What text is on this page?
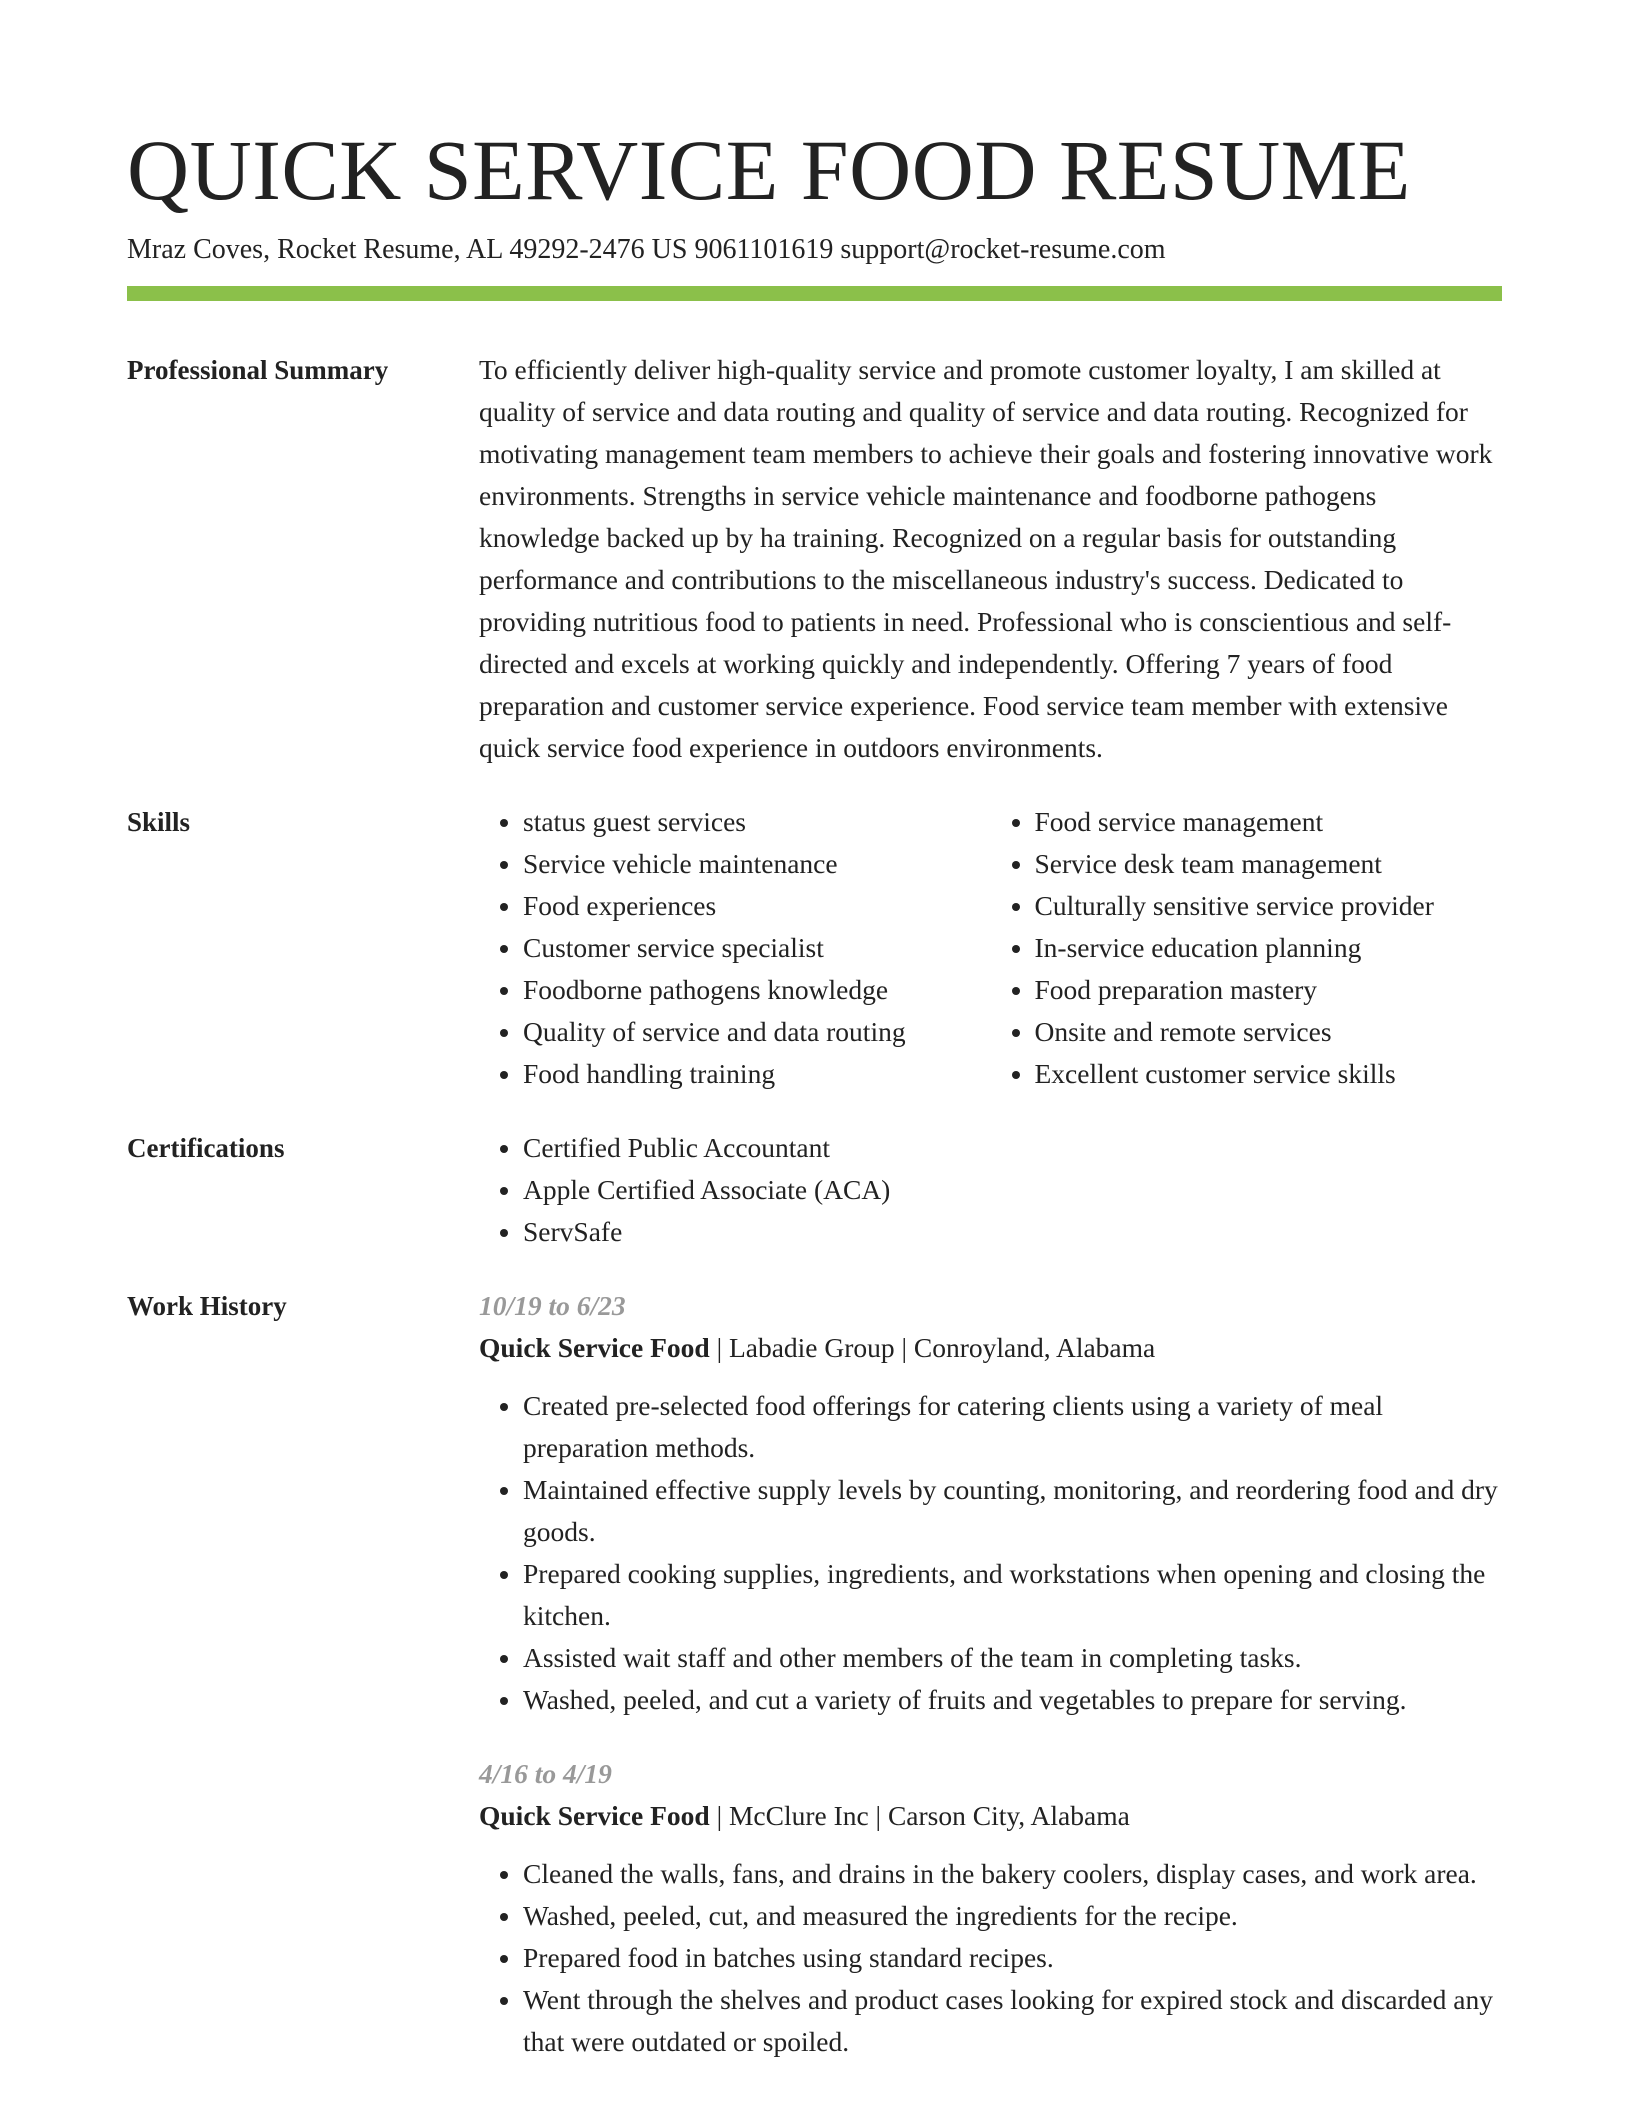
QUICK SERVICE FOOD RESUME
Mraz Coves, Rocket Resume, AL 49292-2476 US 9061101619 support@rocket-resume.com
Professional Summary	To efficiently deliver high-quality service and promote customer loyalty, I am skilled at quality of service and data routing and quality of service and data routing. Recognized for motivating management team members to achieve their goals and fostering innovative work environments. Strengths in service vehicle maintenance and foodborne pathogens knowledge backed up by ha training. Recognized on a regular basis for outstanding performance and contributions to the miscellaneous industry's success. Dedicated to providing nutritious food to patients in need. Professional who is conscientious and self-directed and excels at working quickly and independently. Offering 7 years of food preparation and customer service experience. Food service team member with extensive quick service food experience in outdoors environments.
Skills	• status guest services
• Service vehicle maintenance
• Food experiences
• Customer service specialist
• Foodborne pathogens knowledge
• Quality of service and data routing
• Food handling training
• Food service management
• Service desk team management
• Culturally sensitive service provider
• In-service education planning
• Food preparation mastery
• Onsite and remote services
• Excellent customer service skills
Certifications	• Certified Public Accountant
• Apple Certified Associate (ACA)
• ServSafe
Work History	10/19 to 6/23
Quick Service Food | Labadie Group | Conroyland, Alabama
• Created pre-selected food offerings for catering clients using a variety of meal preparation methods.
• Maintained effective supply levels by counting, monitoring, and reordering food and dry goods.
• Prepared cooking supplies, ingredients, and workstations when opening and closing the kitchen.
• Assisted wait staff and other members of the team in completing tasks.
• Washed, peeled, and cut a variety of fruits and vegetables to prepare for serving.
4/16 to 4/19
Quick Service Food | McClure Inc | Carson City, Alabama
• Cleaned the walls, fans, and drains in the bakery coolers, display cases, and work area.
• Washed, peeled, cut, and measured the ingredients for the recipe.
• Prepared food in batches using standard recipes.
• Went through the shelves and product cases looking for expired stock and discarded any that were outdated or spoiled.
